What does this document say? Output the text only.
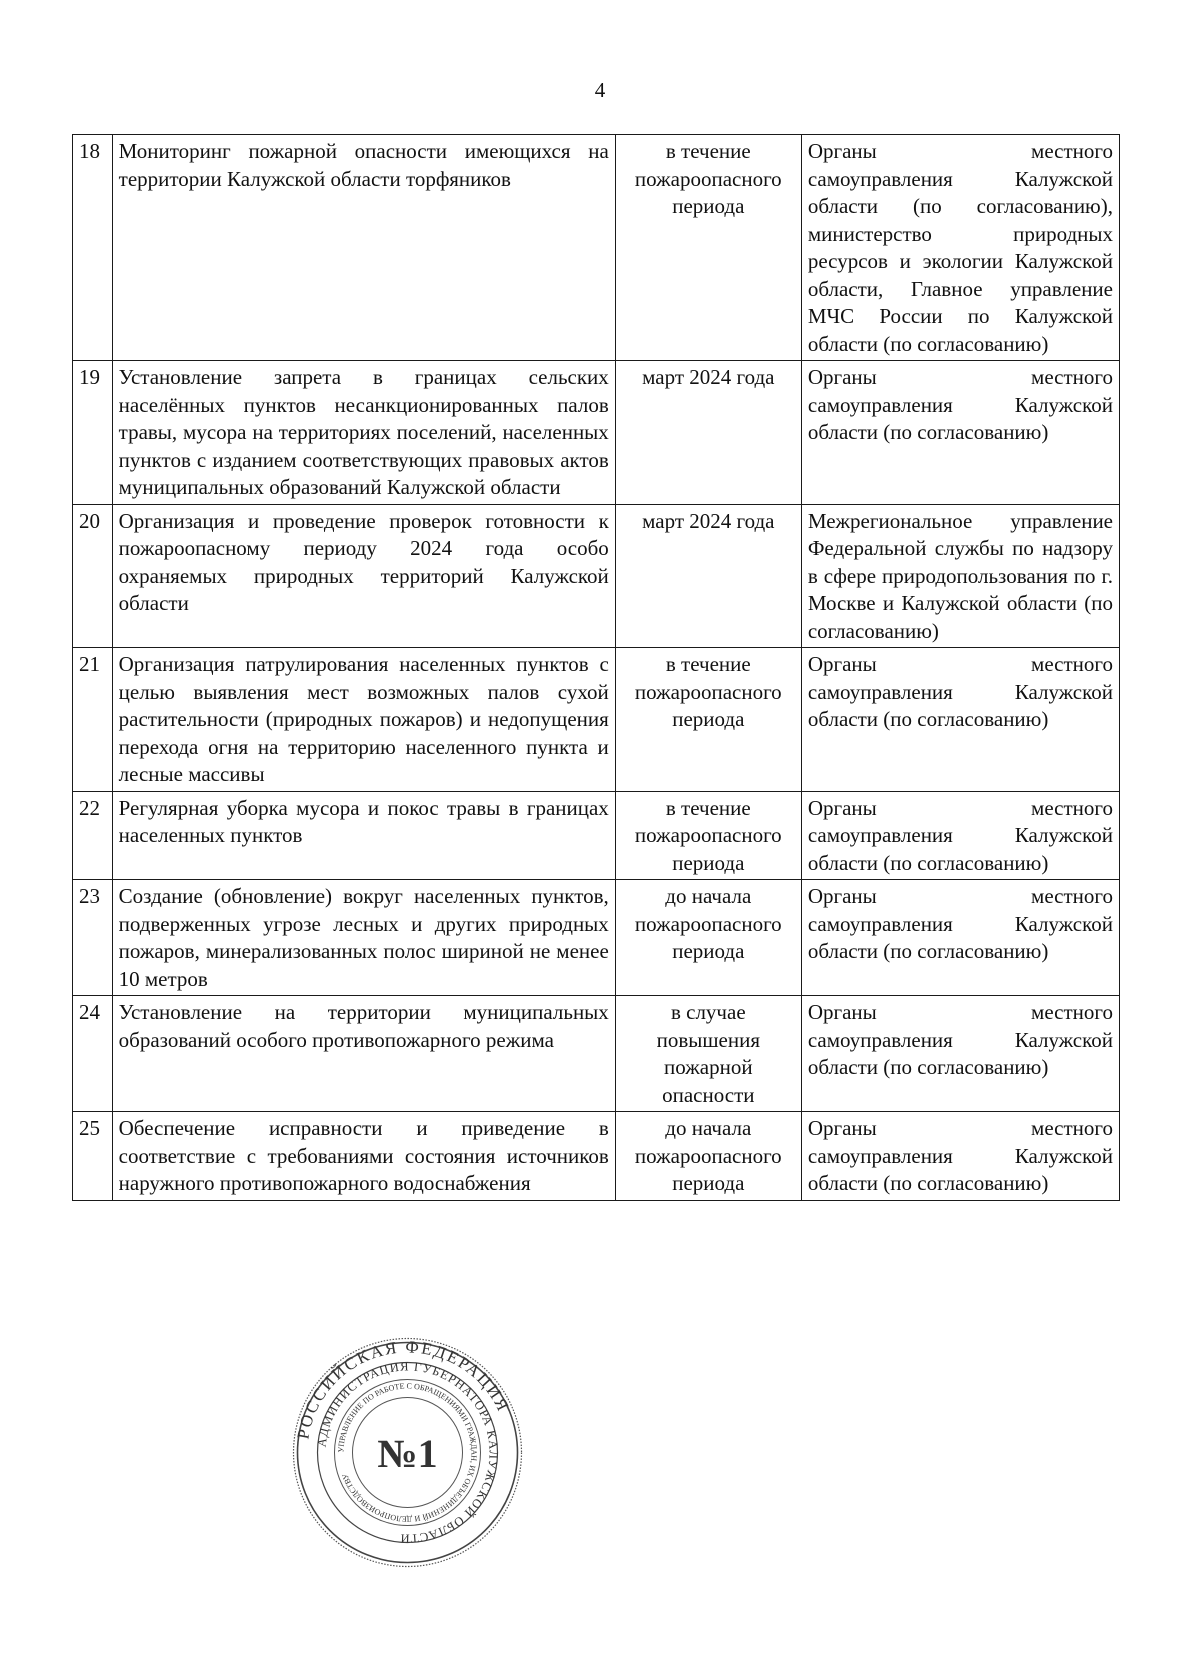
4
18	Мониторинг пожарной опасности имеющихся на территории Калужской области торфяников	в течение пожароопасного периода	Органы местного самоуправления Калужской области (по согласованию), министерство природных ресурсов и экологии Калужской области, Главное управление МЧС России по Калужской области (по согласованию)
19	Установление запрета в границах сельских населённых пунктов несанкционированных палов травы, мусора на территориях поселений, населенных пунктов с изданием соответствующих правовых актов муниципальных образований Калужской области	март 2024 года	Органы местного самоуправления Калужской области (по согласованию)
20	Организация и проведение проверок готовности к пожароопасному периоду 2024 года особо охраняемых природных территорий Калужской области	март 2024 года	Межрегиональное управление Федеральной службы по надзору в сфере природопользования по г. Москве и Калужской области (по согласованию)
21	Организация патрулирования населенных пунктов с целью выявления мест возможных палов сухой растительности (природных пожаров) и недопущения перехода огня на территорию населенного пункта и лесные массивы	в течение пожароопасного периода	Органы местного самоуправления Калужской области (по согласованию)
22	Регулярная уборка мусора и покос травы в границах населенных пунктов	в течение пожароопасного периода	Органы местного самоуправления Калужской области (по согласованию)
23	Создание (обновление) вокруг населенных пунктов, подверженных угрозе лесных и других природных пожаров, минерализованных полос шириной не менее 10 метров	до начала пожароопасного периода	Органы местного самоуправления Калужской области (по согласованию)
24	Установление на территории муниципальных образований особого противопожарного режима	в случае повышения пожарной опасности	Органы местного самоуправления Калужской области (по согласованию)
25	Обеспечение исправности и приведение в соответствие с требованиями состояния источников наружного противопожарного водоснабжения	до начала пожароопасного периода	Органы местного самоуправления Калужской области (по согласованию)
РОССИЙСКАЯ ФЕДЕРАЦИЯ
АДМИНИСТРАЦИЯ ГУБЕРНАТОРА КАЛУЖСКОЙ ОБЛАСТИ
УПРАВЛЕНИЕ ПО РАБОТЕ С ОБРАЩЕНИЯМИ ГРАЖДАН, ИХ ОБЪЕДИНЕНИЙ И ДЕЛОПРОИЗВОДСТВУ
№1
